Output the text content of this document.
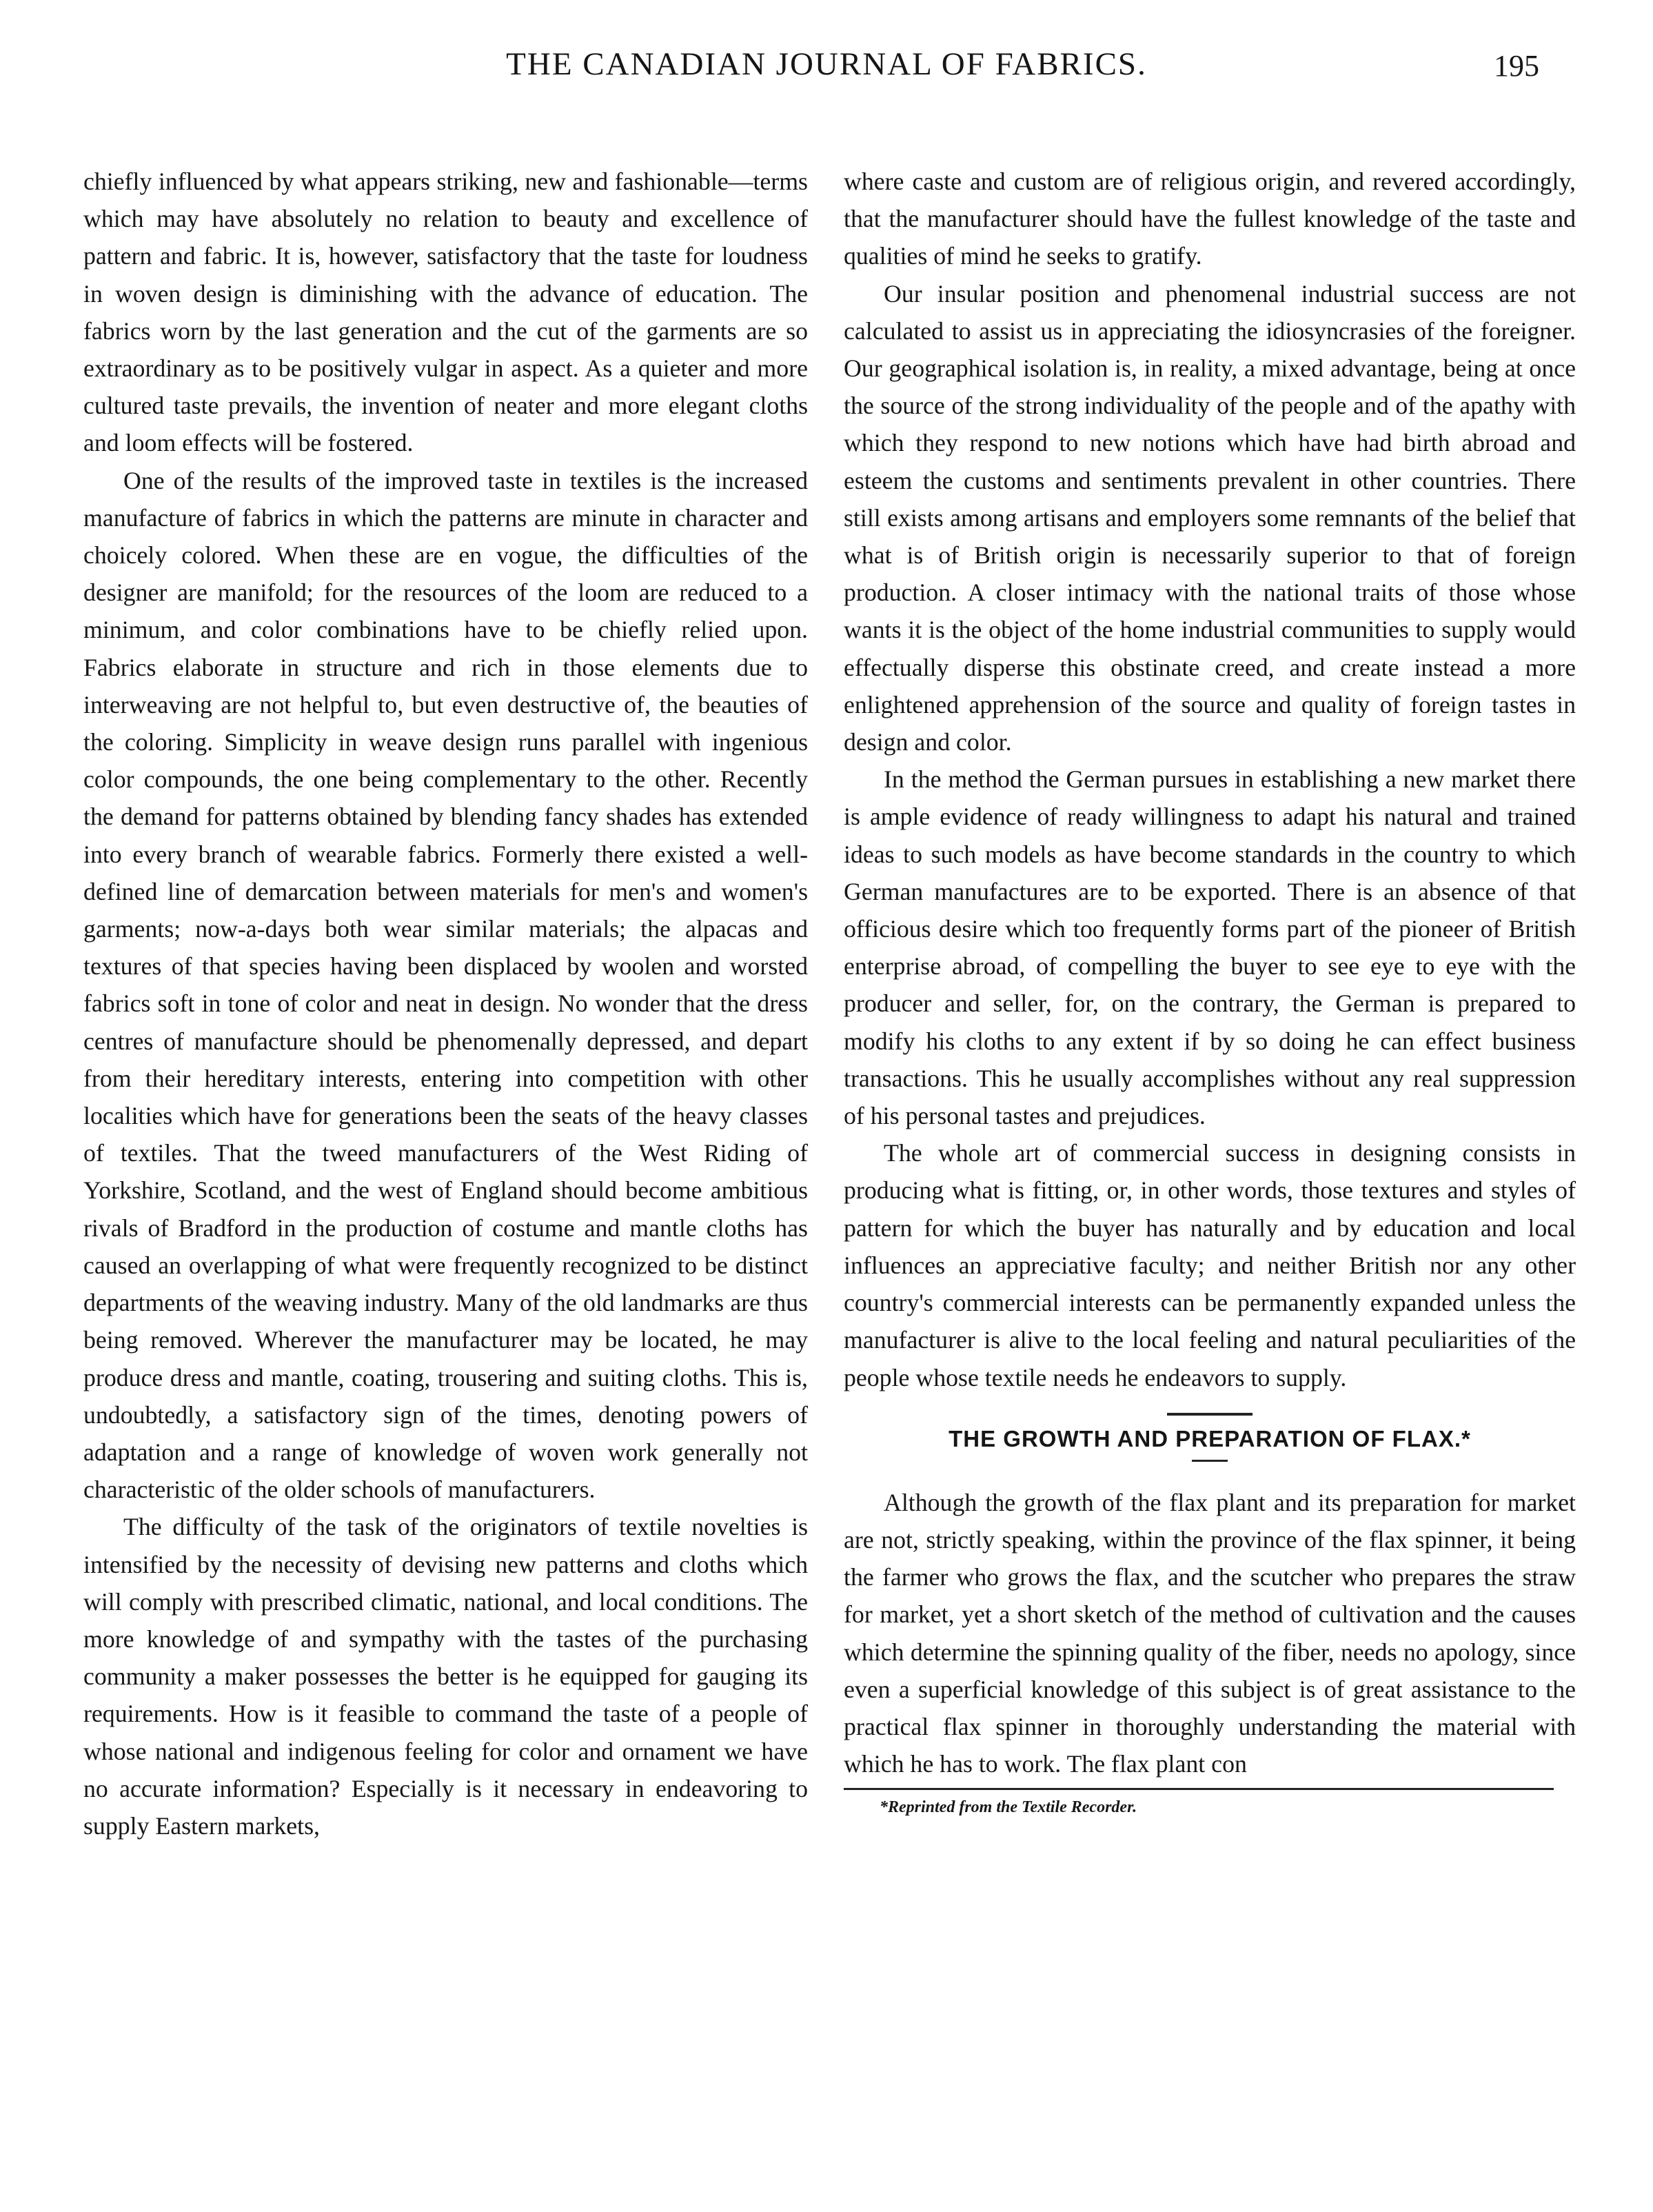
THE CANADIAN JOURNAL OF FABRICS.	195

chiefly influenced by what appears striking, new and fashionable—terms which may have absolutely no relation to beauty and excellence of pattern and fabric. It is, however, satisfactory that the taste for loudness in woven design is diminishing with the advance of education. The fabrics worn by the last generation and the cut of the garments are so extraordinary as to be positively vulgar in aspect. As a quieter and more cultured taste prevails, the invention of neater and more elegant cloths and loom effects will be fostered.

One of the results of the improved taste in textiles is the increased manufacture of fabrics in which the patterns are minute in character and choicely colored. When these are en vogue, the difficulties of the designer are manifold; for the resources of the loom are reduced to a minimum, and color combinations have to be chiefly relied upon. Fabrics elaborate in structure and rich in those elements due to interweaving are not helpful to, but even destructive of, the beauties of the coloring. Simplicity in weave design runs parallel with ingenious color compounds, the one being complementary to the other. Recently the demand for patterns obtained by blending fancy shades has extended into every branch of wearable fabrics. Formerly there existed a well-defined line of demarcation between materials for men's and women's garments; now-a-days both wear similar materials; the alpacas and textures of that species having been displaced by woolen and worsted fabrics soft in tone of color and neat in design. No wonder that the dress centres of manufacture should be phenomenally depressed, and depart from their hereditary interests, entering into competition with other localities which have for generations been the seats of the heavy classes of textiles. That the tweed manufacturers of the West Riding of Yorkshire, Scotland, and the west of England should become ambitious rivals of Bradford in the production of costume and mantle cloths has caused an overlapping of what were frequently recognized to be distinct departments of the weaving industry. Many of the old landmarks are thus being removed. Wherever the manufacturer may be located, he may produce dress and mantle, coating, trousering and suiting cloths. This is, undoubtedly, a satisfactory sign of the times, denoting powers of adaptation and a range of knowledge of woven work generally not characteristic of the older schools of manufacturers.

The difficulty of the task of the originators of textile novelties is intensified by the necessity of devising new patterns and cloths which will comply with prescribed climatic, national, and local conditions. The more knowledge of and sympathy with the tastes of the purchasing community a maker possesses the better is he equipped for gauging its requirements. How is it feasible to command the taste of a people of whose national and indigenous feeling for color and ornament we have no accurate information? Especially is it necessary in endeavoring to supply Eastern markets,

where caste and custom are of religious origin, and revered accordingly, that the manufacturer should have the fullest knowledge of the taste and qualities of mind he seeks to gratify.

Our insular position and phenomenal industrial success are not calculated to assist us in appreciating the idiosyncrasies of the foreigner. Our geographical isolation is, in reality, a mixed advantage, being at once the source of the strong individuality of the people and of the apathy with which they respond to new notions which have had birth abroad and esteem the customs and sentiments prevalent in other countries. There still exists among artisans and employers some remnants of the belief that what is of British origin is necessarily superior to that of foreign production. A closer intimacy with the national traits of those whose wants it is the object of the home industrial communities to supply would effectually disperse this obstinate creed, and create instead a more enlightened apprehension of the source and quality of foreign tastes in design and color.

In the method the German pursues in establishing a new market there is ample evidence of ready willingness to adapt his natural and trained ideas to such models as have become standards in the country to which German manufactures are to be exported. There is an absence of that officious desire which too frequently forms part of the pioneer of British enterprise abroad, of compelling the buyer to see eye to eye with the producer and seller, for, on the contrary, the German is prepared to modify his cloths to any extent if by so doing he can effect business transactions. This he usually accomplishes without any real suppression of his personal tastes and prejudices.

The whole art of commercial success in designing consists in producing what is fitting, or, in other words, those textures and styles of pattern for which the buyer has naturally and by education and local influences an appreciative faculty; and neither British nor any other country's commercial interests can be permanently expanded unless the manufacturer is alive to the local feeling and natural peculiarities of the people whose textile needs he endeavors to supply.

THE GROWTH AND PREPARATION OF FLAX.*

Although the growth of the flax plant and its preparation for market are not, strictly speaking, within the province of the flax spinner, it being the farmer who grows the flax, and the scutcher who prepares the straw for market, yet a short sketch of the method of cultivation and the causes which determine the spinning quality of the fiber, needs no apology, since even a superficial knowledge of this subject is of great assistance to the practical flax spinner in thoroughly understanding the material with which he has to work. The flax plant con

*Reprinted from the Textile Recorder.
